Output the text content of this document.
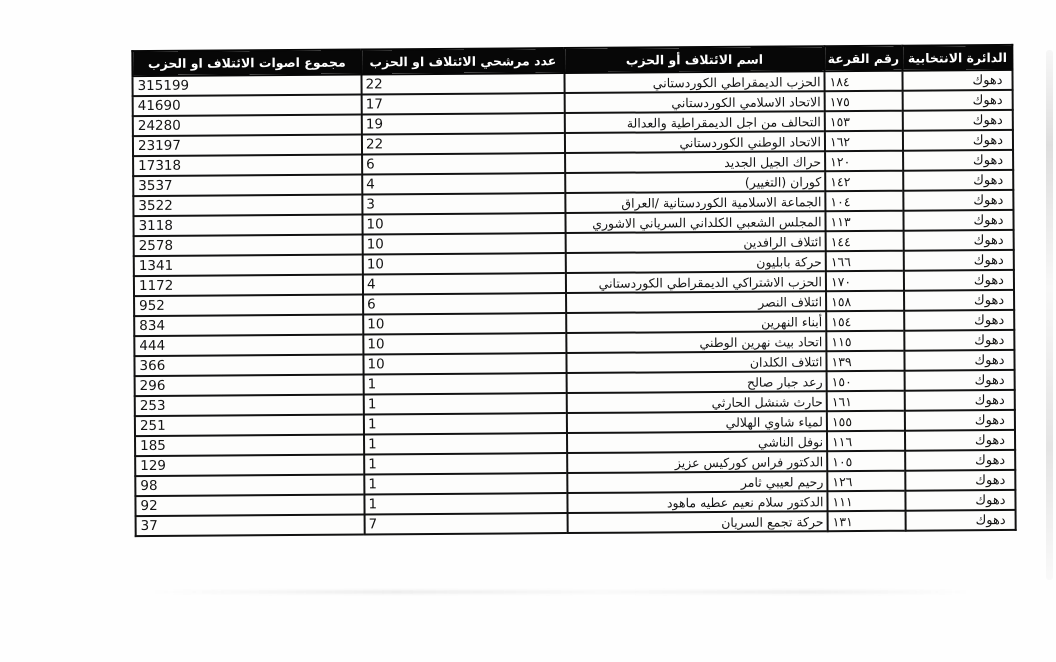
الدائرة الانتخابية	رقم القرعة	اسم الائتلاف أو الحزب	عدد مرشحي الائتلاف او الحزب	مجموع اصوات الائتلاف او الحزب
دهوك	١٨٤	الحزب الديمقراطي الكوردستاني	22	315199
دهوك	١٧٥	الاتحاد الاسلامي الكوردستاني	17	41690
دهوك	١٥٣	التحالف من اجل الديمقراطية والعدالة	19	24280
دهوك	١٦٢	الاتحاد الوطني الكوردستاني	22	23197
دهوك	١٢٠	حراك الجيل الجديد	6	17318
دهوك	١٤٢	كوران (التغيير)	4	3537
دهوك	١٠٤	الجماعة الاسلامية الكوردستانية /العراق	3	3522
دهوك	١١٣	المجلس الشعبي الكلداني السرياني الاشوري	10	3118
دهوك	١٤٤	ائتلاف الرافدين	10	2578
دهوك	١٦٦	حركة بابليون	10	1341
دهوك	١٧٠	الحزب الاشتراكي الديمقراطي الكوردستاني	4	1172
دهوك	١٥٨	ائتلاف النصر	6	952
دهوك	١٥٤	أبناء النهرين	10	834
دهوك	١١٥	اتحاد بيث نهرين الوطني	10	444
دهوك	١٣٩	ائتلاف الكلدان	10	366
دهوك	١٥٠	رعد جبار صالح	1	296
دهوك	١٦١	حارث شنشل الحارثي	1	253
دهوك	١٥٥	لمياء شاوي الهلالي	1	251
دهوك	١١٦	نوفل الناشي	1	185
دهوك	١٠٥	الدكتور فراس كوركيس عزيز	1	129
دهوك	١٢٦	رحيم لعيبي ثامر	1	98
دهوك	١١١	الدكتور سلام نعيم عطيه ماهود	1	92
دهوك	١٣١	حركة تجمع السريان	7	37
